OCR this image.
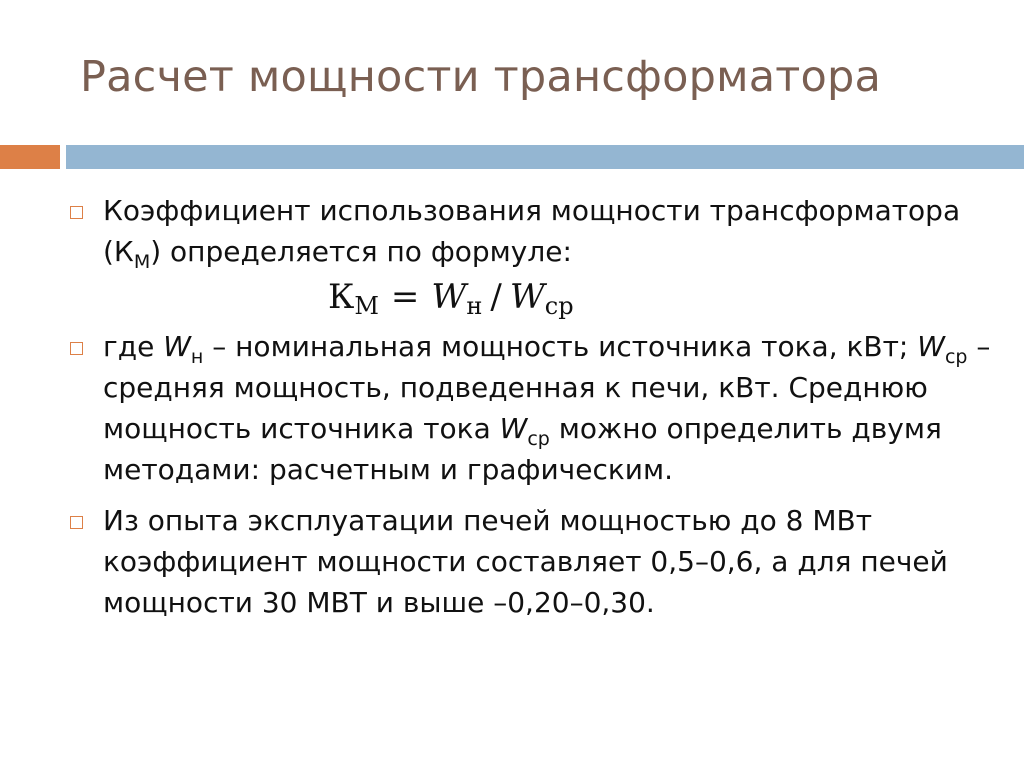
Расчет мощности трансформатора
Коэффициент использования мощности трансформатора $(К_М)$ определяется по формуле:
КМ = Wн / Wср
где $W_н$ – номинальная мощность источника тока, кВт; $W_{ср}$ – средняя мощность, подведенная к печи, кВт. Среднюю мощность источника тока $W_{ср}$ можно определить двумя методами: расчетным и графическим.
Из опыта эксплуатации печей мощностью до 8 МВт коэффициент мощности составляет 0,5–0,6, а для печей мощности 30 МВТ и выше –0,20–0,30.
